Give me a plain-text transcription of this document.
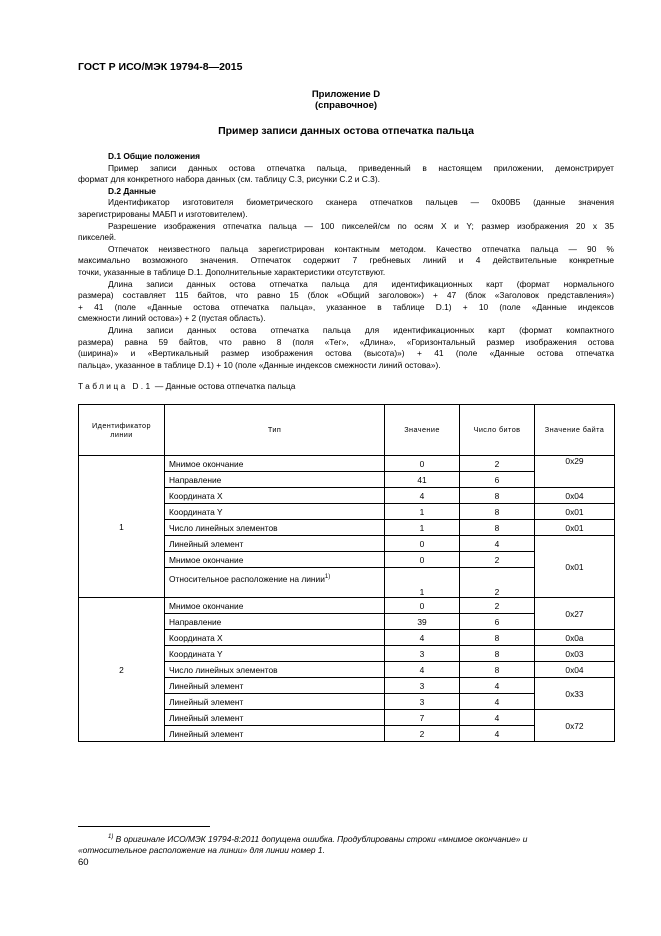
ГОСТ Р ИСО/МЭК 19794-8—2015
Приложение D
(справочное)
Пример записи данных остова отпечатка пальца
D.1 Общие положения
Пример записи данных остова отпечатка пальца, приведенный в настоящем приложении, демонстрирует
формат для конкретного набора данных (см. таблицу С.3, рисунки С.2 и С.3).
D.2 Данные
Идентификатор изготовителя биометрического сканера отпечатков пальцев — 0x00B5 (данные значения
зарегистрированы МАБП и изготовителем).
Разрешение изображения отпечатка пальца — 100 пикселей/см по осям X и Y; размер изображения 20 x 35
пикселей.
Отпечаток неизвестного пальца зарегистрирован контактным методом. Качество отпечатка пальца — 90 %
максимально возможного значения. Отпечаток содержит 7 гребневых линий и 4 действительные конкретные
точки, указанные в таблице D.1. Дополнительные характеристики отсутствуют.
Длина записи данных остова отпечатка пальца для идентификационных карт (формат нормального
размера) составляет 115 байтов, что равно 15 (блок «Общий заголовок») + 47 (блок «Заголовок представления»)
+ 41 (поле «Данные остова отпечатка пальца», указанное в таблице D.1) + 10 (поле «Данные индексов
смежности линий остова») + 2 (пустая область).
Длина записи данных остова отпечатка пальца для идентификационных карт (формат компактного
размера) равна 59 байтов, что равно 8 (поля «Тег», «Длина», «Горизонтальный размер изображения остова
(ширина)» и «Вертикальный размер изображения остова (высота)») + 41 (поле «Данные остова отпечатка
пальца», указанное в таблице D.1) + 10 (поле «Данные индексов смежности линий остова»).
Таблица D.1 — Данные остова отпечатка пальца
Идентификатор линии	Тип	Значение	Число битов	Значение байта
1	Мнимое окончание	0	2	0x29
	Направление	41	6	
	Координата X	4	8	0x04
	Координата Y	1	8	0x01
	Число линейных элементов	1	8	0x01
	Линейный элемент	0	4	0x01
	Мнимое окончание	0	2	

	Относительное расположение на линии$^{1)}$	1	2	
2	Мнимое окончание	0	2	0x27
	Направление	39	6	
	Координата X	4	8	0x0a
	Координата Y	3	8	0x03
	Число линейных элементов	4	8	0x04
	Линейный элемент	3	4	0x33
	Линейный элемент	3	4	
	Линейный элемент	7	4	0x72
	Линейный элемент	2	4	
$^{1)}$ В оригинале ИСО/МЭК 19794-8:2011 допущена ошибка. Продублированы строки «мнимое окончание» и
«относительное расположение на линии» для линии номер 1.
60
